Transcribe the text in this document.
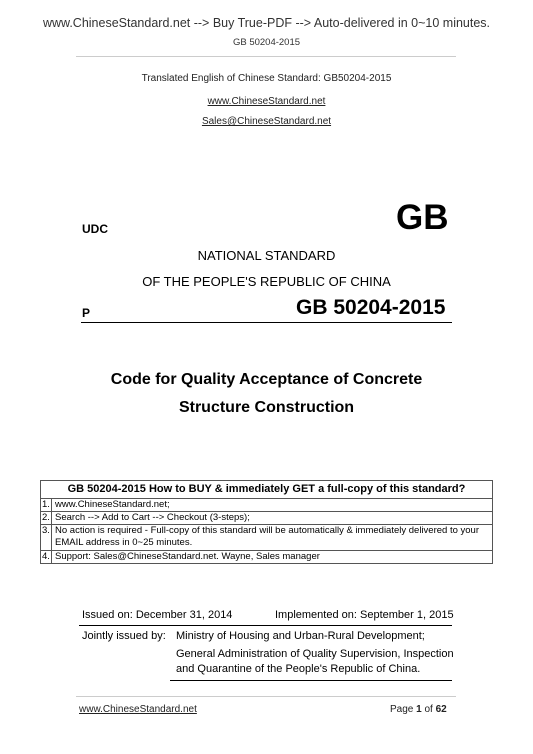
www.ChineseStandard.net --> Buy True-PDF --> Auto-delivered in 0~10 minutes.
GB 50204-2015
Translated English of Chinese Standard: GB50204-2015
www.ChineseStandard.net
Sales@ChineseStandard.net
UDC	GB
NATIONAL STANDARD
OF THE PEOPLE'S REPUBLIC OF CHINA
P	GB 50204-2015
Code for Quality Acceptance of Concrete
Structure Construction
GB 50204-2015 How to BUY & immediately GET a full-copy of this standard?
1. www.ChineseStandard.net;
2. Search --> Add to Cart --> Checkout (3-steps);
3. No action is required - Full-copy of this standard will be automatically & immediately delivered to your EMAIL address in 0~25 minutes.
4. Support: Sales@ChineseStandard.net. Wayne, Sales manager
Issued on: December 31, 2014	Implemented on: September 1, 2015
Jointly issued by: Ministry of Housing and Urban-Rural Development;
General Administration of Quality Supervision, Inspection and Quarantine of the People's Republic of China.
www.ChineseStandard.net	Page 1 of 62
